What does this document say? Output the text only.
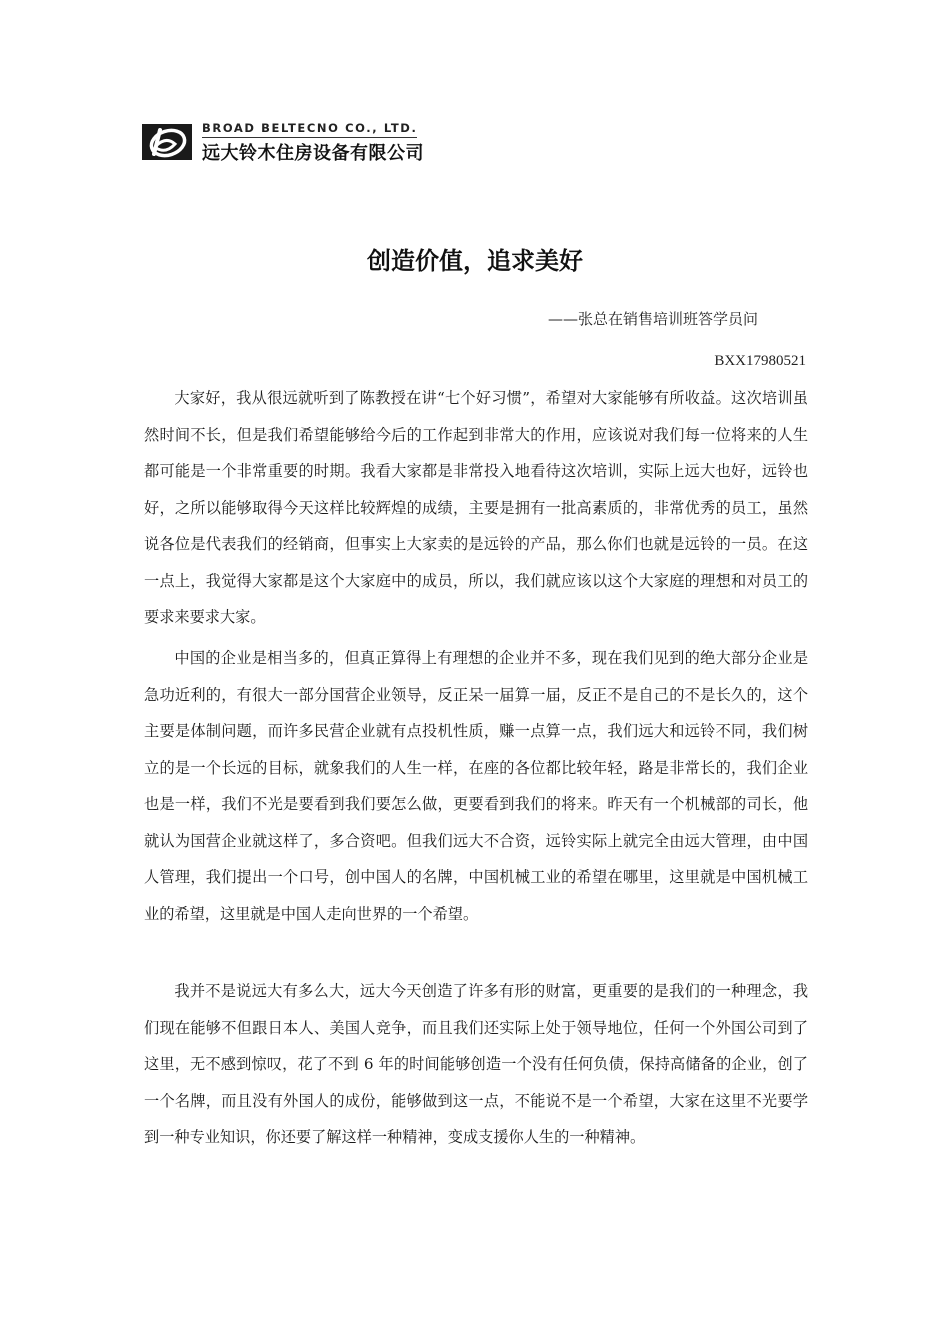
BROAD BELTECNO CO., LTD.
远大铃木住房设备有限公司
创造价值，追求美好
——张总在销售培训班答学员问
BXX17980521

大家好，我从很远就听到了陈教授在讲“七个好习惯”，希望对大家能够有所收益。这次培训虽然时间不长，但是我们希望能够给今后的工作起到非常大的作用，应该说对我们每一位将来的人生都可能是一个非常重要的时期。我看大家都是非常投入地看待这次培训，实际上远大也好，远铃也好，之所以能够取得今天这样比较辉煌的成绩，主要是拥有一批高素质的，非常优秀的员工，虽然说各位是代表我们的经销商，但事实上大家卖的是远铃的产品，那么你们也就是远铃的一员。在这一点上，我觉得大家都是这个大家庭中的成员，所以，我们就应该以这个大家庭的理想和对员工的要求来要求大家。

中国的企业是相当多的，但真正算得上有理想的企业并不多，现在我们见到的绝大部分企业是急功近利的，有很大一部分国营企业领导，反正呆一届算一届，反正不是自己的不是长久的，这个主要是体制问题，而许多民营企业就有点投机性质，赚一点算一点，我们远大和远铃不同，我们树立的是一个长远的目标，就象我们的人生一样，在座的各位都比较年轻，路是非常长的，我们企业也是一样，我们不光是要看到我们要怎么做，更要看到我们的将来。昨天有一个机械部的司长，他就认为国营企业就这样了，多合资吧。但我们远大不合资，远铃实际上就完全由远大管理，由中国人管理，我们提出一个口号，创中国人的名牌，中国机械工业的希望在哪里，这里就是中国机械工业的希望，这里就是中国人走向世界的一个希望。

我并不是说远大有多么大，远大今天创造了许多有形的财富，更重要的是我们的一种理念，我们现在能够不但跟日本人、美国人竞争，而且我们还实际上处于领导地位，任何一个外国公司到了这里，无不感到惊叹，花了不到 6 年的时间能够创造一个没有任何负债，保持高储备的企业，创了一个名牌，而且没有外国人的成份，能够做到这一点，不能说不是一个希望，大家在这里不光要学到一种专业知识，你还要了解这样一种精神，变成支援你人生的一种精神。
